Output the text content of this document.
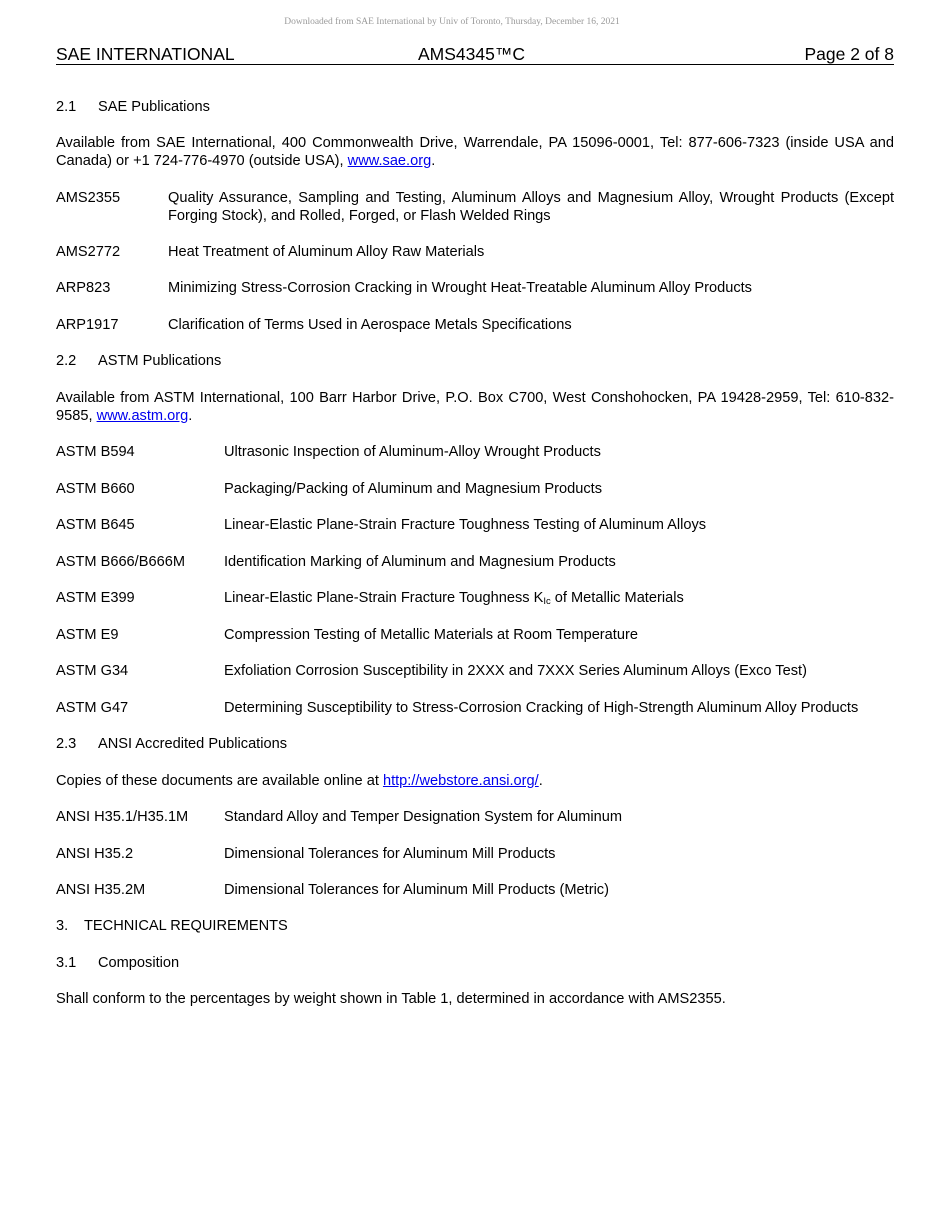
Downloaded from SAE International by Univ of Toronto, Thursday, December 16, 2021
SAE INTERNATIONAL	AMS4345™C	Page 2 of 8
2.1 SAE Publications
Available from SAE International, 400 Commonwealth Drive, Warrendale, PA 15096-0001, Tel: 877-606-7323 (inside USA and Canada) or +1 724-776-4970 (outside USA), www.sae.org.
AMS2355	Quality Assurance, Sampling and Testing, Aluminum Alloys and Magnesium Alloy, Wrought Products (Except Forging Stock), and Rolled, Forged, or Flash Welded Rings
AMS2772	Heat Treatment of Aluminum Alloy Raw Materials
ARP823	Minimizing Stress-Corrosion Cracking in Wrought Heat-Treatable Aluminum Alloy Products
ARP1917	Clarification of Terms Used in Aerospace Metals Specifications
2.2 ASTM Publications
Available from ASTM International, 100 Barr Harbor Drive, P.O. Box C700, West Conshohocken, PA 19428-2959, Tel: 610-832-9585, www.astm.org.
ASTM B594	Ultrasonic Inspection of Aluminum-Alloy Wrought Products
ASTM B660	Packaging/Packing of Aluminum and Magnesium Products
ASTM B645	Linear-Elastic Plane-Strain Fracture Toughness Testing of Aluminum Alloys
ASTM B666/B666M	Identification Marking of Aluminum and Magnesium Products
ASTM E399	Linear-Elastic Plane-Strain Fracture Toughness $K_{Ic}$ of Metallic Materials
ASTM E9	Compression Testing of Metallic Materials at Room Temperature
ASTM G34	Exfoliation Corrosion Susceptibility in 2XXX and 7XXX Series Aluminum Alloys (Exco Test)
ASTM G47	Determining Susceptibility to Stress-Corrosion Cracking of High-Strength Aluminum Alloy Products
2.3 ANSI Accredited Publications
Copies of these documents are available online at http://webstore.ansi.org/.
ANSI H35.1/H35.1M Standard Alloy and Temper Designation System for Aluminum
ANSI H35.2	Dimensional Tolerances for Aluminum Mill Products
ANSI H35.2M	Dimensional Tolerances for Aluminum Mill Products (Metric)
3. TECHNICAL REQUIREMENTS
3.1 Composition
Shall conform to the percentages by weight shown in Table 1, determined in accordance with AMS2355.
